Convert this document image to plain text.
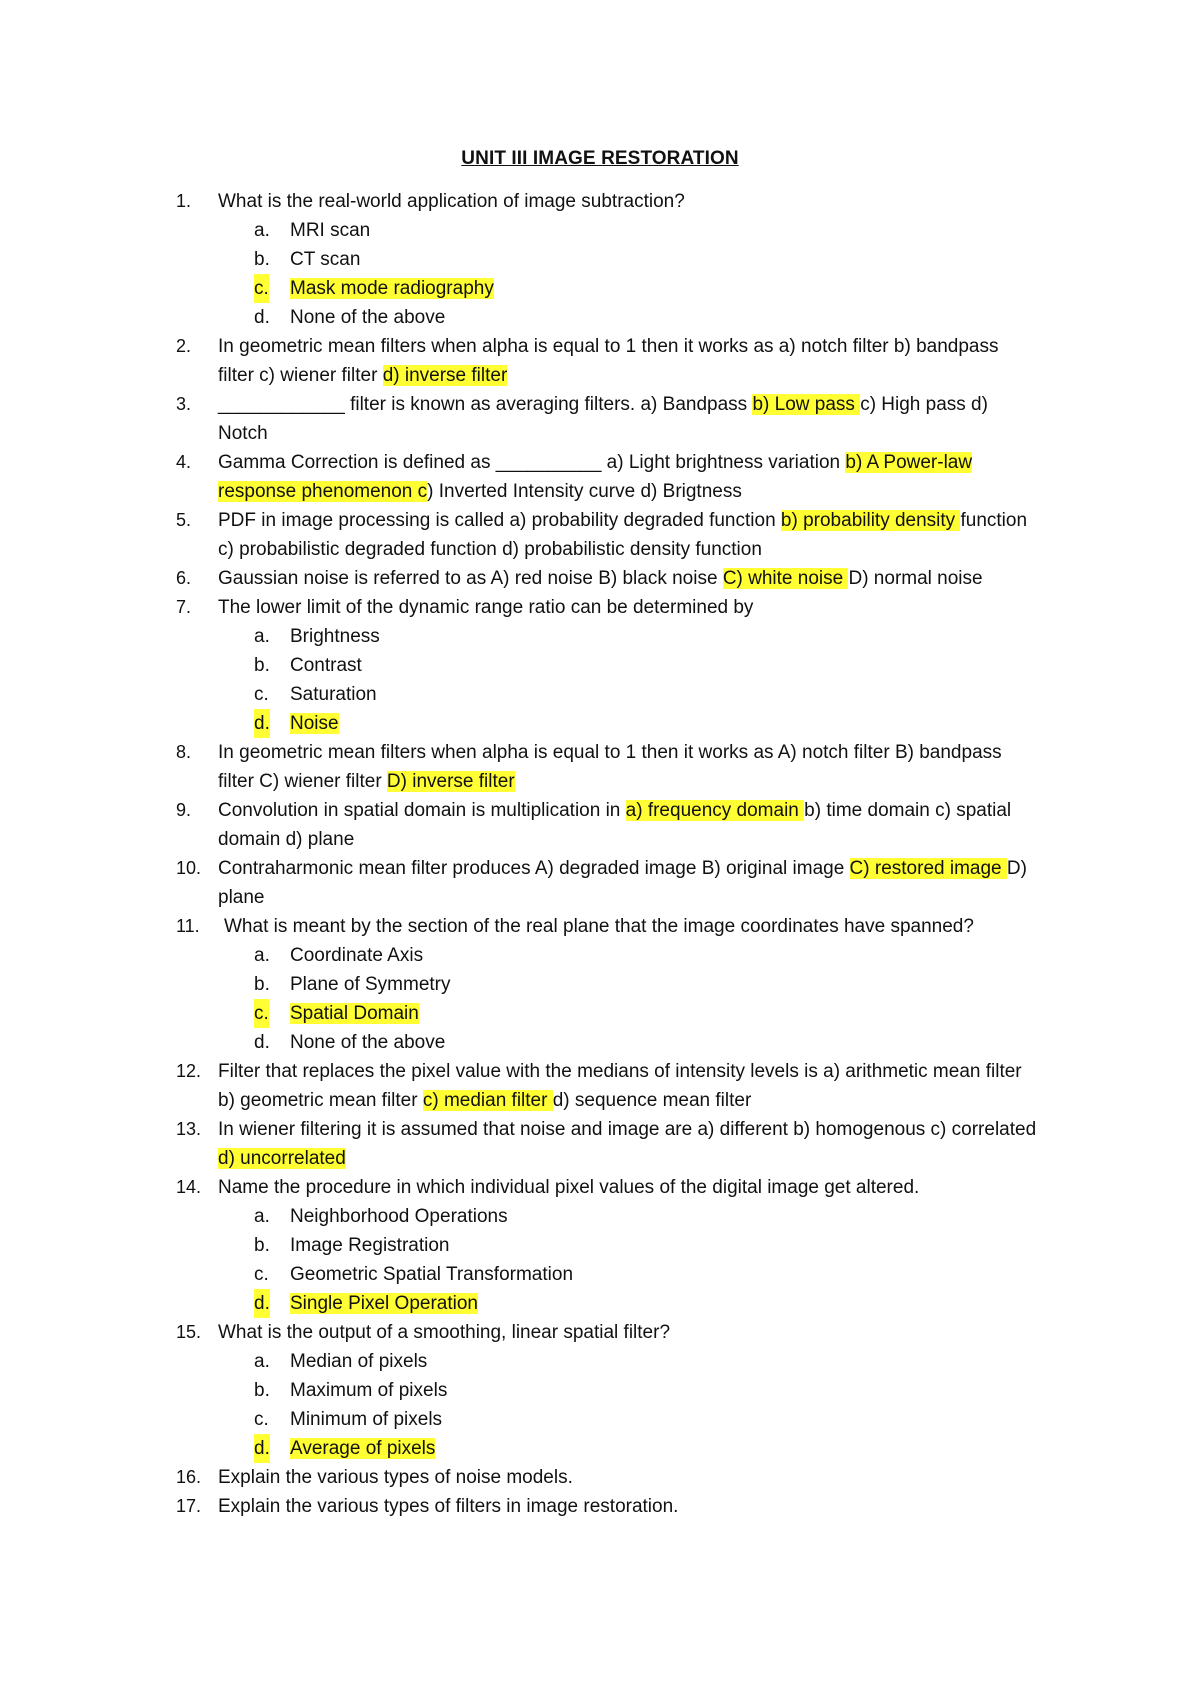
UNIT III IMAGE RESTORATION
1. What is the real-world application of image subtraction?
a. MRI scan
b. CT scan
c. Mask mode radiography
d. None of the above
2. In geometric mean filters when alpha is equal to 1 then it works as a) notch filter b) bandpass filter c) wiener filter d) inverse filter
3. ____________ filter is known as averaging filters. a) Bandpass b) Low pass c) High pass d) Notch
4. Gamma Correction is defined as __________ a) Light brightness variation b) A Power-law response phenomenon c) Inverted Intensity curve d) Brigtness
5. PDF in image processing is called a) probability degraded function b) probability density function c) probabilistic degraded function d) probabilistic density function
6. Gaussian noise is referred to as A) red noise B) black noise C) white noise D) normal noise
7. The lower limit of the dynamic range ratio can be determined by
a. Brightness
b. Contrast
c. Saturation
d. Noise
8. In geometric mean filters when alpha is equal to 1 then it works as A) notch filter B) bandpass filter C) wiener filter D) inverse filter
9. Convolution in spatial domain is multiplication in a) frequency domain b) time domain c) spatial domain d) plane
10. Contraharmonic mean filter produces A) degraded image B) original image C) restored image D) plane
11. What is meant by the section of the real plane that the image coordinates have spanned?
a. Coordinate Axis
b. Plane of Symmetry
c. Spatial Domain
d. None of the above
12. Filter that replaces the pixel value with the medians of intensity levels is a) arithmetic mean filter b) geometric mean filter c) median filter d) sequence mean filter
13. In wiener filtering it is assumed that noise and image are a) different b) homogenous c) correlated d) uncorrelated
14. Name the procedure in which individual pixel values of the digital image get altered.
a. Neighborhood Operations
b. Image Registration
c. Geometric Spatial Transformation
d. Single Pixel Operation
15. What is the output of a smoothing, linear spatial filter?
a. Median of pixels
b. Maximum of pixels
c. Minimum of pixels
d. Average of pixels
16. Explain the various types of noise models.
17. Explain the various types of filters in image restoration.
